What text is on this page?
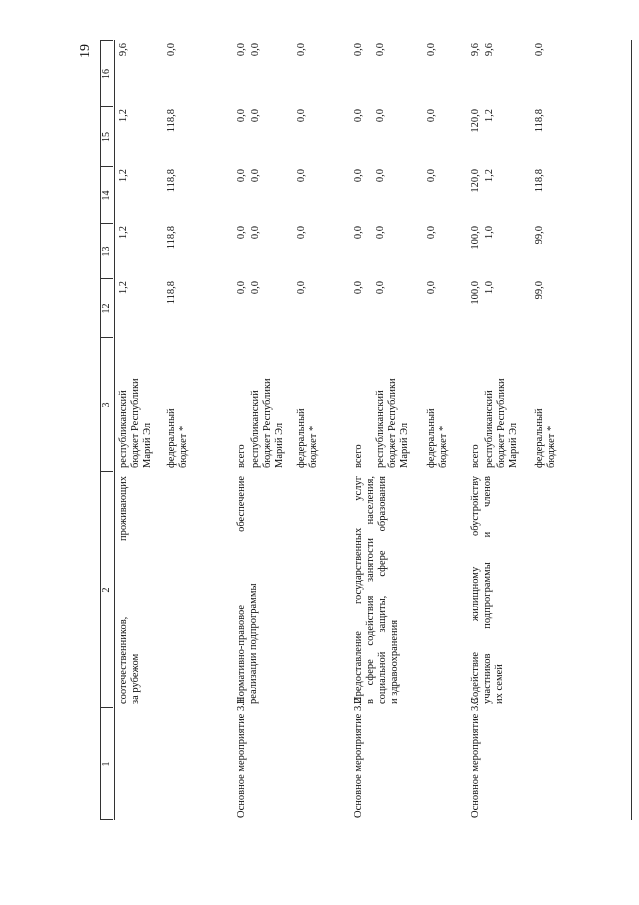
19
1
2
3
12
13
14
15
16
соотечественников, проживающих за рубежом
республиканский бюджет Республики Марий Эл
1,2
1,2
1,2
1,2
9,6
федеральный бюджет *
118,8
118,8
118,8
118,8
0,0
Основное мероприятие 3.1
Нормативно-правовое обеспечение реализации подпрограммы
всего
0,0
0,0
0,0
0,0
0,0
республиканский бюджет Республики Марий Эл
0,0
0,0
0,0
0,0
0,0
федеральный бюджет *
0,0
0,0
0,0
0,0
0,0
Основное мероприятие 3.2
Предоставление государственных услуг в сфере содействия занятости населения, социальной защиты, сфере образования и здравоохранения
всего
0,0
0,0
0,0
0,0
0,0
республиканский бюджет Республики Марий Эл
0,0
0,0
0,0
0,0
0,0
федеральный бюджет *
0,0
0,0
0,0
0,0
0,0
Основное мероприятие 3.3
Содействие жилищному обустройству участников подпрограммы и членов их семей
всего
100,0
100,0
120,0
120,0
9,6
республиканский бюджет Республики Марий Эл
1,0
1,0
1,2
1,2
9,6
федеральный бюджет *
99,0
99,0
118,8
118,8
0,0
